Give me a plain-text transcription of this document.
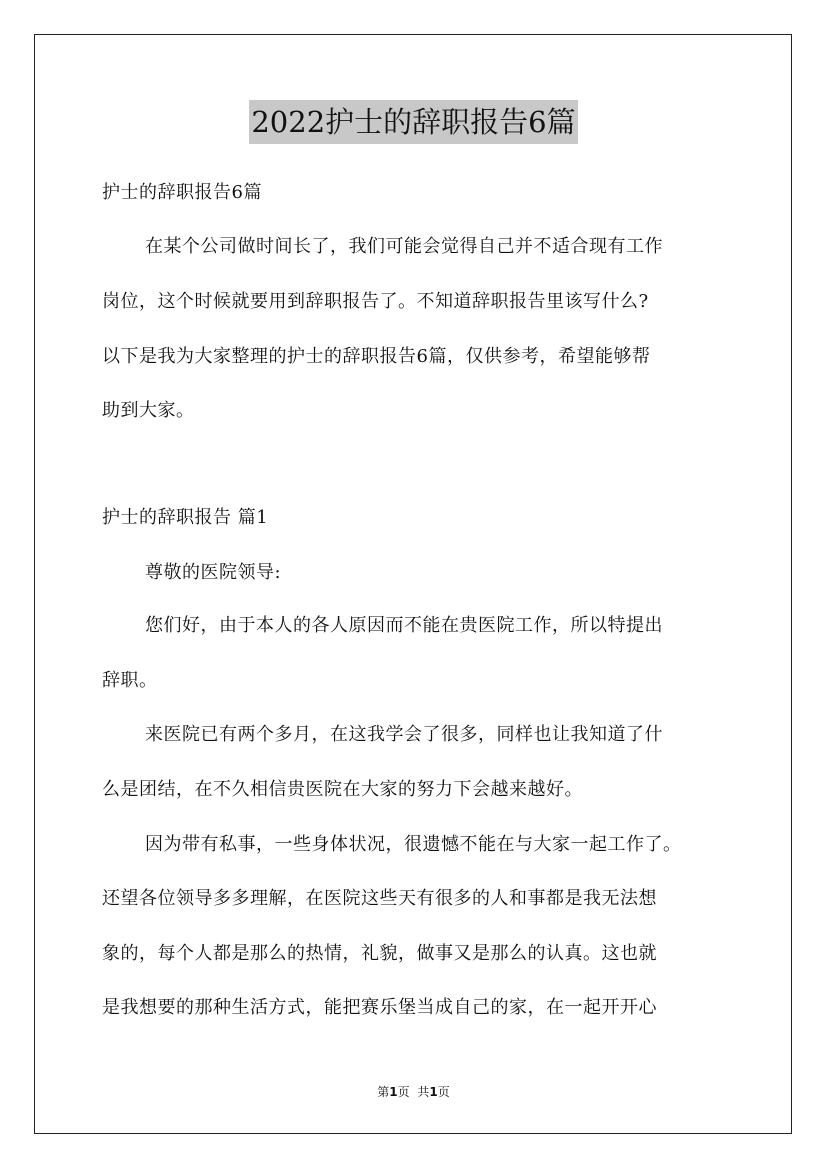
2022护士的辞职报告6篇

护士的辞职报告6篇

在某个公司做时间长了，我们可能会觉得自己并不适合现有工作

岗位，这个时候就要用到辞职报告了。不知道辞职报告里该写什么?

以下是我为大家整理的护士的辞职报告6篇，仅供参考，希望能够帮

助到大家。

护士的辞职报告 篇1

尊敬的医院领导:

您们好，由于本人的各人原因而不能在贵医院工作，所以特提出

辞职。

来医院已有两个多月，在这我学会了很多，同样也让我知道了什

么是团结，在不久相信贵医院在大家的努力下会越来越好。

因为带有私事，一些身体状况，很遗憾不能在与大家一起工作了。

还望各位领导多多理解，在医院这些天有很多的人和事都是我无法想

象的，每个人都是那么的热情，礼貌，做事又是那么的认真。这也就

是我想要的那种生活方式，能把赛乐堡当成自己的家，在一起开开心

第1页 共1页
